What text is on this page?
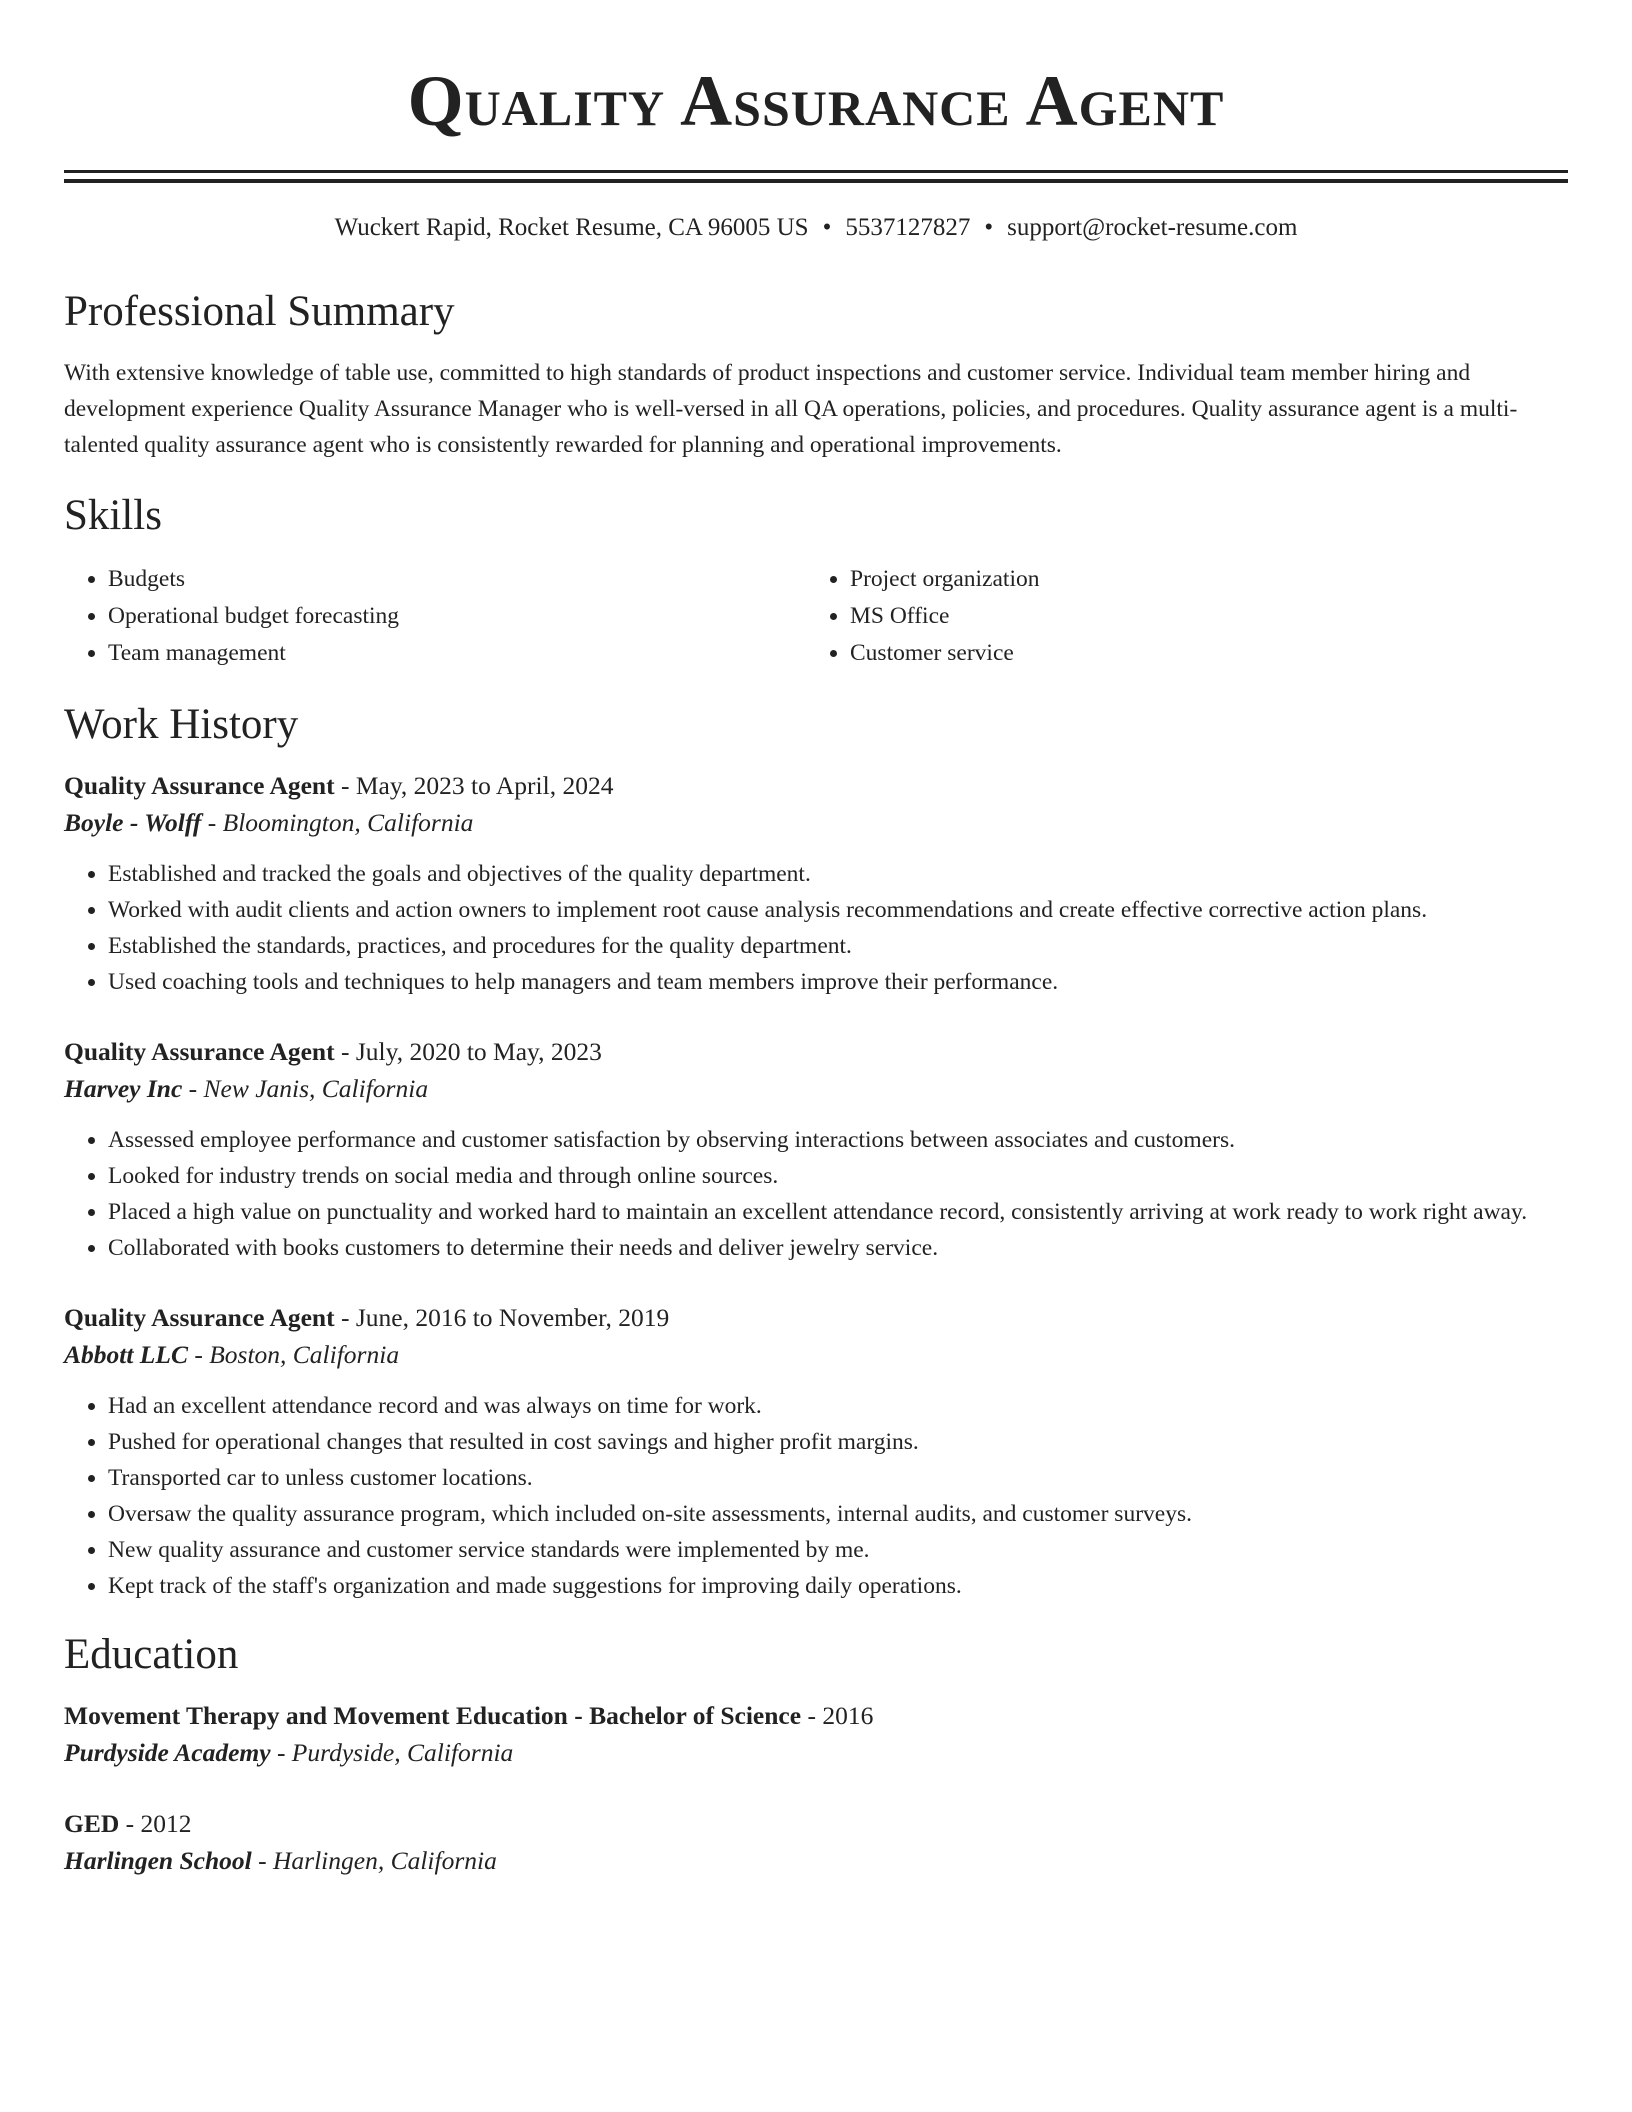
Quality Assurance Agent
Wuckert Rapid, Rocket Resume, CA 96005 US • 5537127827 • support@rocket-resume.com
Professional Summary

With extensive knowledge of table use, committed to high standards of product inspections and customer service. Individual team member hiring and development experience Quality Assurance Manager who is well-versed in all QA operations, policies, and procedures. Quality assurance agent is a multi-talented quality assurance agent who is consistently rewarded for planning and operational improvements.

Skills
• Budgets
• Operational budget forecasting
• Team management
• Project organization
• MS Office
• Customer service
Work History
Quality Assurance Agent - May, 2023 to April, 2024
Boyle - Wolff - Bloomington, California
• Established and tracked the goals and objectives of the quality department.
• Worked with audit clients and action owners to implement root cause analysis recommendations and create effective corrective action plans.
• Established the standards, practices, and procedures for the quality department.
• Used coaching tools and techniques to help managers and team members improve their performance.
Quality Assurance Agent - July, 2020 to May, 2023
Harvey Inc - New Janis, California
• Assessed employee performance and customer satisfaction by observing interactions between associates and customers.
• Looked for industry trends on social media and through online sources.
• Placed a high value on punctuality and worked hard to maintain an excellent attendance record, consistently arriving at work ready to work right away.
• Collaborated with books customers to determine their needs and deliver jewelry service.
Quality Assurance Agent - June, 2016 to November, 2019
Abbott LLC - Boston, California
• Had an excellent attendance record and was always on time for work.
• Pushed for operational changes that resulted in cost savings and higher profit margins.
• Transported car to unless customer locations.
• Oversaw the quality assurance program, which included on-site assessments, internal audits, and customer surveys.
• New quality assurance and customer service standards were implemented by me.
• Kept track of the staff's organization and made suggestions for improving daily operations.
Education
Movement Therapy and Movement Education - Bachelor of Science - 2016
Purdyside Academy - Purdyside, California
GED - 2012
Harlingen School - Harlingen, California
